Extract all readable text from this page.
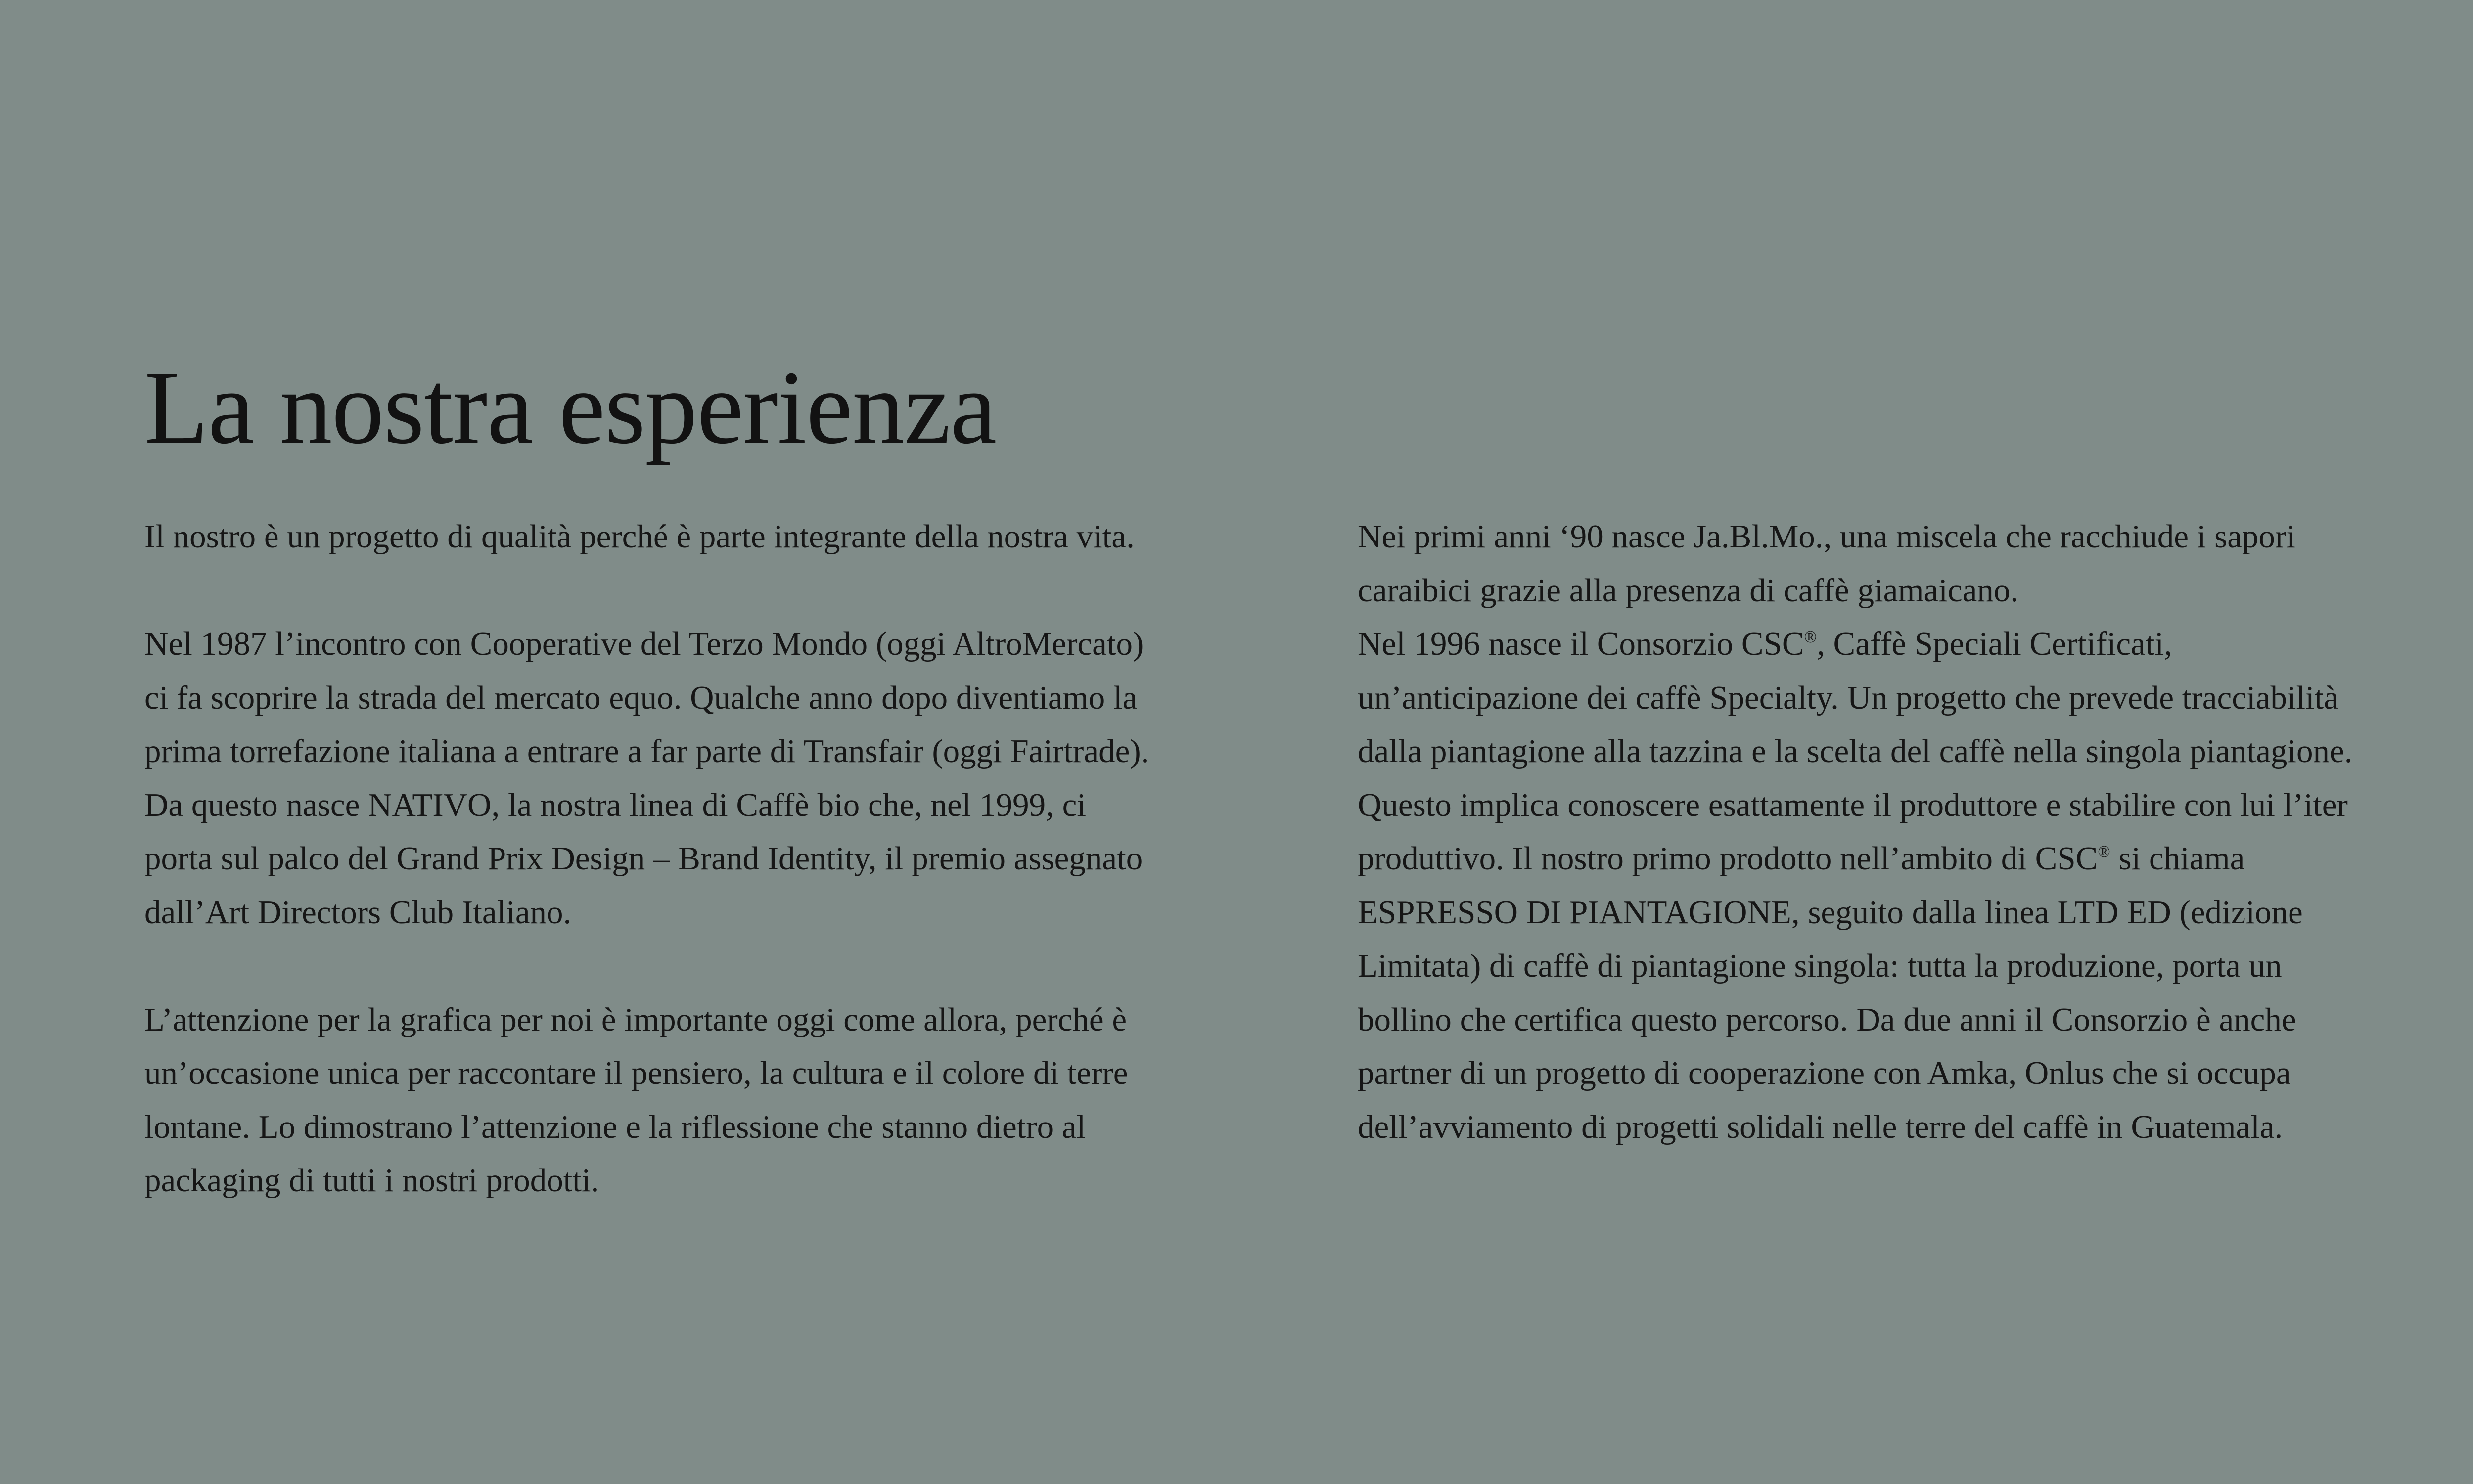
La nostra esperienza
Il nostro è un progetto di qualità perché è parte integrante della nostra vita.
Nel 1987 l’incontro con Cooperative del Terzo Mondo (oggi AltroMercato)
ci fa scoprire la strada del mercato equo. Qualche anno dopo diventiamo la
prima torrefazione italiana a entrare a far parte di Transfair (oggi Fairtrade).
Da questo nasce NATIVO, la nostra linea di Caffè bio che, nel 1999, ci
porta sul palco del Grand Prix Design – Brand Identity, il premio assegnato
dall’Art Directors Club Italiano.
L’attenzione per la grafica per noi è importante oggi come allora, perché è
un’occasione unica per raccontare il pensiero, la cultura e il colore di terre
lontane. Lo dimostrano l’attenzione e la riflessione che stanno dietro al
packaging di tutti i nostri prodotti.
Nei primi anni ‘90 nasce Ja.Bl.Mo., una miscela che racchiude i sapori
caraibici grazie alla presenza di caffè giamaicano.
Nel 1996 nasce il Consorzio CSC®, Caffè Speciali Certificati,
un’anticipazione dei caffè Specialty. Un progetto che prevede tracciabilità
dalla piantagione alla tazzina e la scelta del caffè nella singola piantagione.
Questo implica conoscere esattamente il produttore e stabilire con lui l’iter
produttivo. Il nostro primo prodotto nell’ambito di CSC® si chiama
ESPRESSO DI PIANTAGIONE, seguito dalla linea LTD ED (edizione
Limitata) di caffè di piantagione singola: tutta la produzione, porta un
bollino che certifica questo percorso. Da due anni il Consorzio è anche
partner di un progetto di cooperazione con Amka, Onlus che si occupa
dell’avviamento di progetti solidali nelle terre del caffè in Guatemala.
